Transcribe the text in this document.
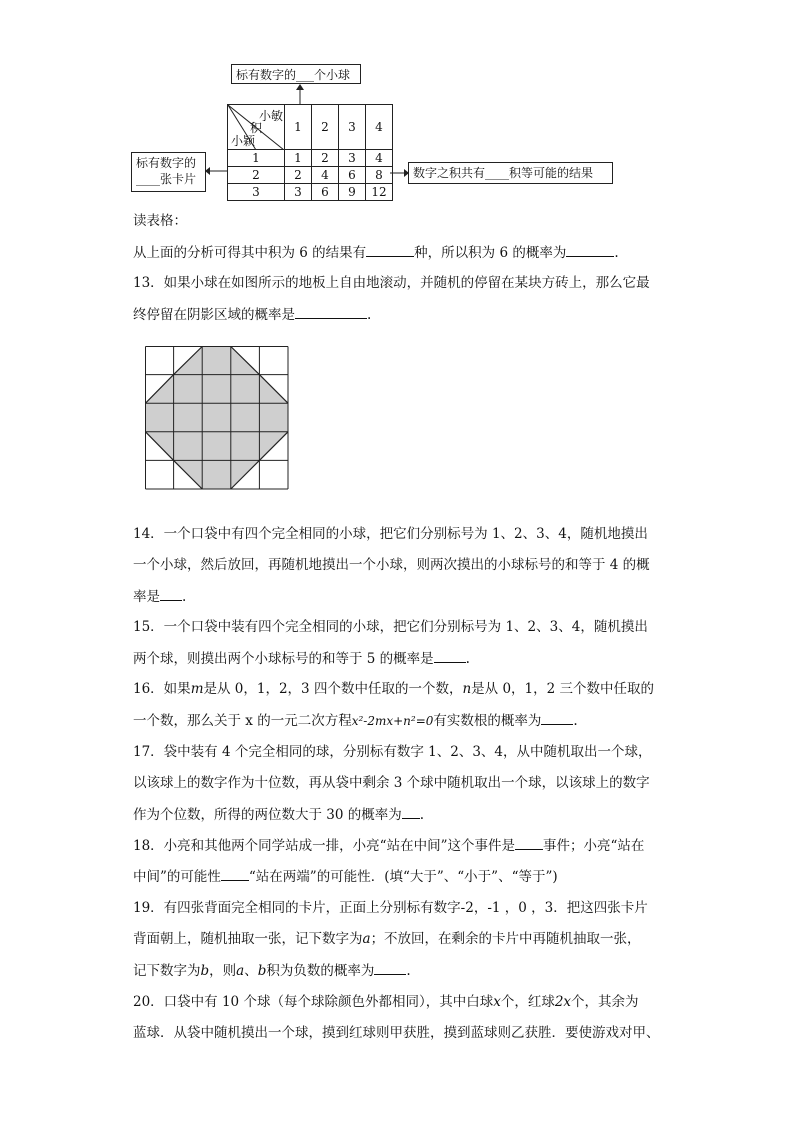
标有数字的___个小球
标有数字的
____张卡片	数字之积共有____积等可能的结果
小敏
积
小颖	1	2	3	4
1	1	2	3	4
2	2	4	6	8
3	3	6	9	12
读表格：
从上面的分析可得其中积为 6 的结果有	种，所以积为 6 的概率为	.
13．如果小球在如图所示的地板上自由地滚动，并随机的停留在某块方砖上，那么它最
终停留在阴影区域的概率是	.
14．一个口袋中有四个完全相同的小球，把它们分别标号为 1、2、3、4，随机地摸出
一个小球，然后放回，再随机地摸出一个小球，则两次摸出的小球标号的和等于 4 的概
率是 .
15．一个口袋中装有四个完全相同的小球，把它们分别标号为 1、2、3、4，随机摸出
两个球，则摸出两个小球标号的和等于 5 的概率是 .
16．如果m是从 0，1，2，3 四个数中任取的一个数，n是从 0，1，2 三个数中任取的
一个数，那么关于 x 的一元二次方程x²-2mx+n²=0有实数根的概率为 .
17．袋中装有 4 个完全相同的球，分别标有数字 1、2、3、4，从中随机取出一个球，
以该球上的数字作为十位数，再从袋中剩余 3 个球中随机取出一个球，以该球上的数字
作为个位数，所得的两位数大于 30 的概率为 .
18．小亮和其他两个同学站成一排，小亮“站在中间”这个事件是 事件；小亮“站在
中间”的可能性 “站在两端”的可能性．(填“大于”、“小于”、“等于”)
19．有四张背面完全相同的卡片，正面上分别标有数字-2，-1 ，0 ，3．把这四张卡片
背面朝上，随机抽取一张，记下数字为a；不放回，在剩余的卡片中再随机抽取一张，
记下数字为b，则a、b积为负数的概率为 .
20．口袋中有 10 个球（每个球除颜色外都相同），其中白球x个，红球2x个，其余为
蓝球．从袋中随机摸出一个球，摸到红球则甲获胜，摸到蓝球则乙获胜．要使游戏对甲、
